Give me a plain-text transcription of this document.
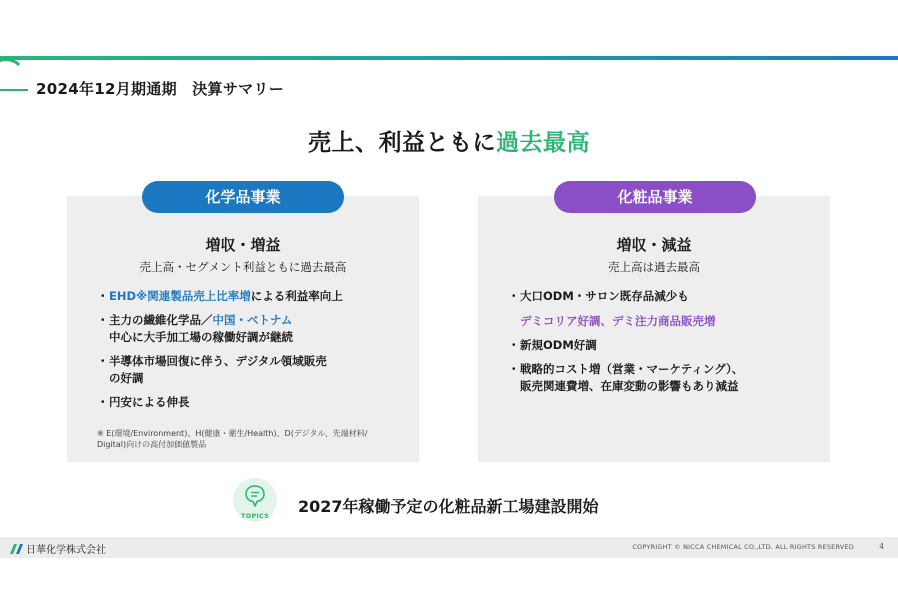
2024年12月期通期　決算サマリー
売上、利益ともに過去最高
化学品事業
増収・増益
売上高・セグメント利益ともに過去最高
・ EHD※関連製品売上比率増による利益率向上
・ 主力の繊維化学品／中国・ベトナム
中心に大手加工場の稼働好調が継続
・ 半導体市場回復に伴う、デジタル領域販売
の好調
・ 円安による伸長
※ E(環境/Environment)、H(健康・衛生/Health)、D(デジタル、先端材料/
Digital)向けの高付加価値製品
化粧品事業
増収・減益
売上高は過去最高
・ 大口ODM・サロン既存品減少も
デミコリア好調、デミ注力商品販売増
・ 新規ODM好調
・ 戦略的コスト増（営業・マーケティング）、
販売関連費増、在庫変動の影響もあり減益
TOPICS	2027年稼働予定の化粧品新工場建設開始
日華化学株式会社	COPYRIGHT © NICCA CHEMICAL CO.,LTD. ALL RIGHTS RESERVED	4
